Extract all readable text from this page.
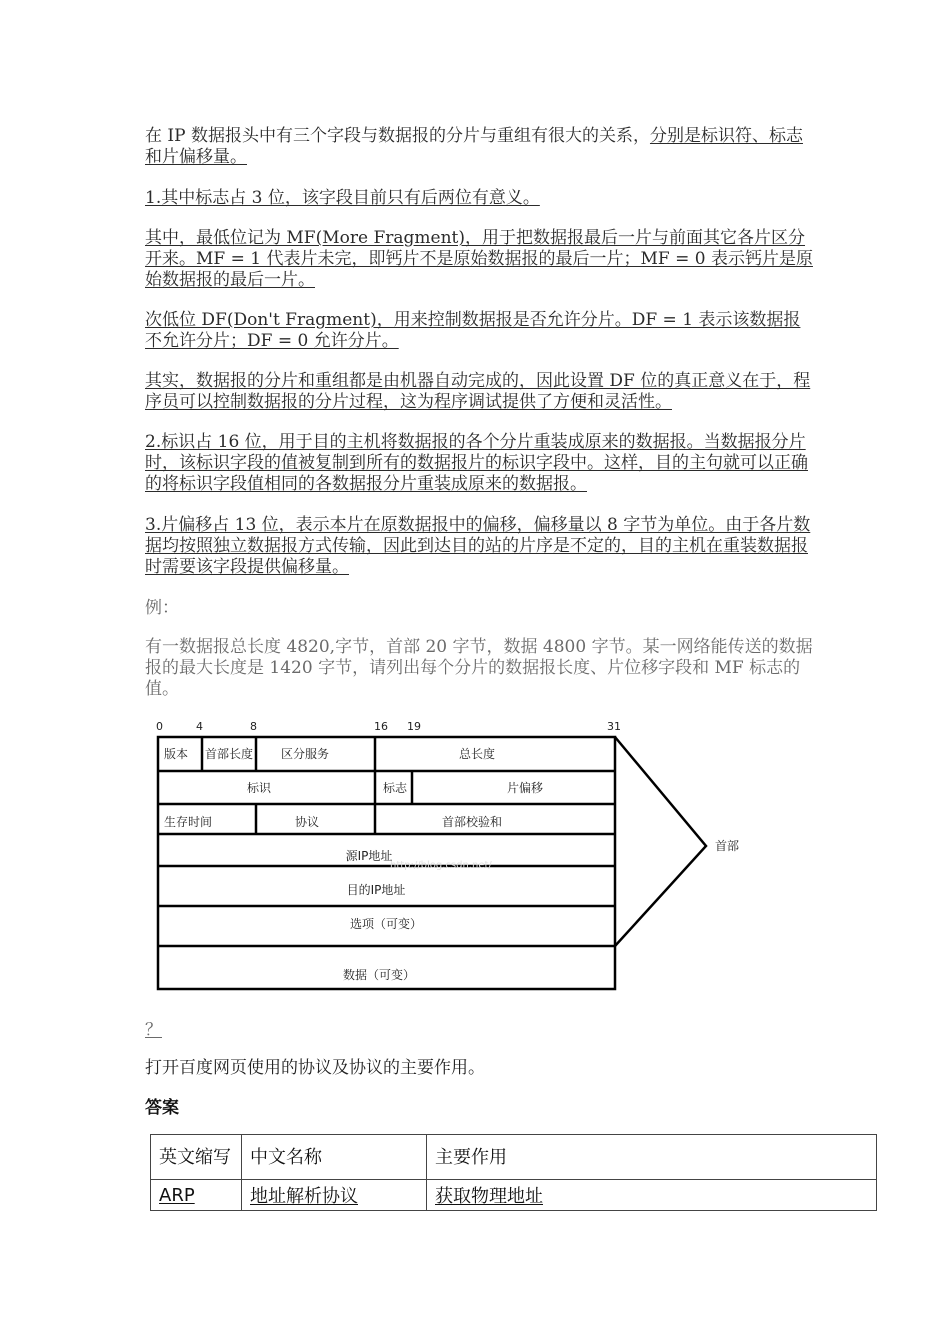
在 IP 数据报头中有三个字段与数据报的分片与重组有很大的关系，分别是标识符、标志和片偏移量。

1.其中标志占 3 位，该字段目前只有后两位有意义。

其中，最低位记为 MF(More Fragment)，用于把数据报最后一片与前面其它各片区分开来。MF = 1 代表片未完，即钙片不是原始数据报的最后一片；MF = 0 表示钙片是原始数据报的最后一片。

次低位 DF(Don't Fragment)，用来控制数据报是否允许分片。DF = 1 表示该数据报不允许分片；DF = 0 允许分片。

其实，数据报的分片和重组都是由机器自动完成的，因此设置 DF 位的真正意义在于，程序员可以控制数据报的分片过程，这为程序调试提供了方便和灵活性。

2.标识占 16 位，用于目的主机将数据报的各个分片重装成原来的数据报。当数据报分片时，该标识字段的值被复制到所有的数据报片的标识字段中。这样，目的主句就可以正确的将标识字段值相同的各数据报分片重装成原来的数据报。

3.片偏移占 13 位，表示本片在原数据报中的偏移，偏移量以 8 字节为单位。由于各片数据均按照独立数据报方式传输，因此到达目的站的片序是不定的，目的主机在重装数据报时需要该字段提供偏移量。

例：

有一数据报总长度 4820,字节，首部 20 字节，数据 4800 字节。某一网络能传送的数据报的最大长度是 1420 字节，请列出每个分片的数据报长度、片位移字段和 MF 标志的值。

0	4	8	16 19	31
版本 首部长度 区分服务	总长度
标识	标志	片偏移
生存时间	协议	首部校验和
源IP地址
http://blog.csdn.net/
目的IP地址
选项（可变）
数据（可变）
首部

？

打开百度网页使用的协议及协议的主要作用。

答案

英文缩写	中文名称	主要作用
ARP	地址解析协议	获取物理地址
